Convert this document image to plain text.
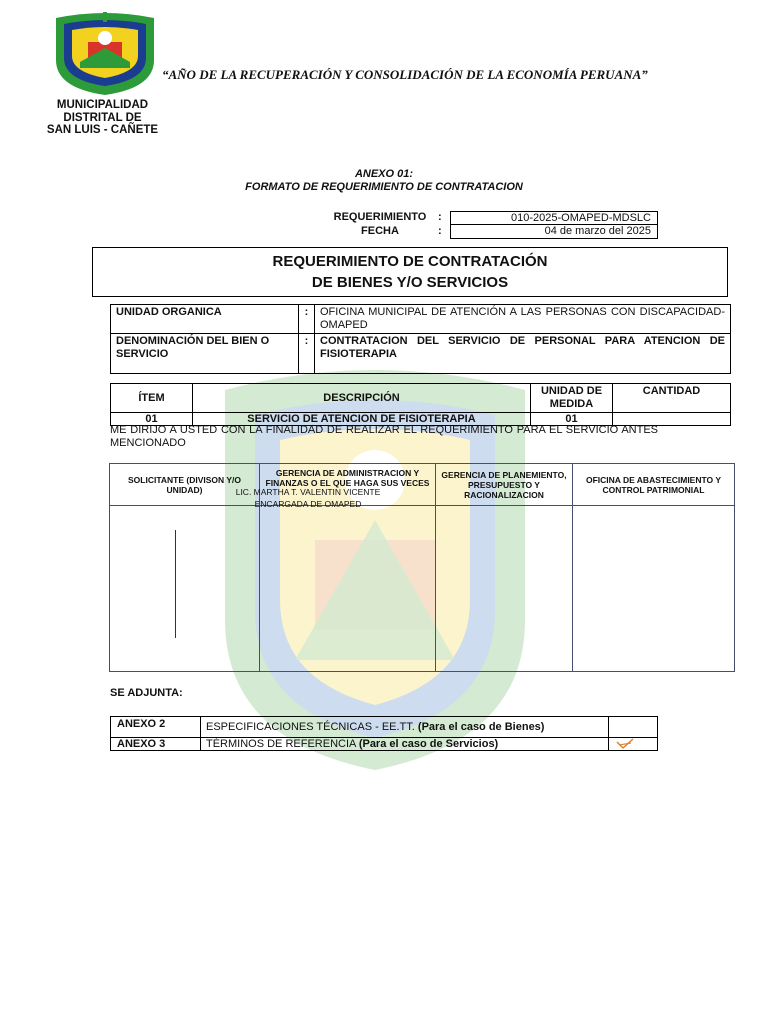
MUNICIPALIDAD
DISTRITAL DE
SAN LUIS - CAÑETE
“AÑO DE LA RECUPERACIÓN Y CONSOLIDACIÓN DE LA ECONOMÍA PERUANA”
ANEXO 01:
FORMATO DE REQUERIMIENTO DE CONTRATACION
REQUERIMIENTO	:	010-2025-OMAPED-MDSLC
FECHA	:	04 de marzo del 2025
REQUERIMIENTO DE CONTRATACIÓN
DE BIENES Y/O SERVICIOS
UNIDAD ORGANICA	:	OFICINA MUNICIPAL DE ATENCIÓN A LAS PERSONAS CON DISCAPACIDAD-OMAPED
DENOMINACIÓN DEL BIEN O SERVICIO	:	CONTRATACION DEL SERVICIO DE PERSONAL PARA ATENCION DE FISIOTERAPIA
ÍTEM	DESCRIPCIÓN	UNIDAD DE MEDIDA	CANTIDAD
01	SERVICIO DE ATENCION DE FISIOTERAPIA	01	
ME DIRIJO A USTED CON LA FINALIDAD DE REALIZAR EL REQUERIMIENTO PARA EL SERVICIO ANTES MENCIONADO
SOLICITANTE (DIVISON Y/O UNIDAD)	GERENCIA DE ADMINISTRACION Y FINANZAS O EL QUE HAGA SUS VECES	GERENCIA DE PLANEMIENTO, PRESUPUESTO Y RACIONALIZACION	OFICINA DE ABASTECIMIENTO Y CONTROL PATRIMONIAL

LIC. MARTHA T. VALENTIN VICENTE
ENCARGADA DE OMAPED
SE ADJUNTA:
ANEXO 2	ESPECIFICACIONES TÉCNICAS - EE.TT. (Para el caso de Bienes)	
ANEXO 3	TÉRMINOS DE REFERENCIA (Para el caso de Servicios)	
